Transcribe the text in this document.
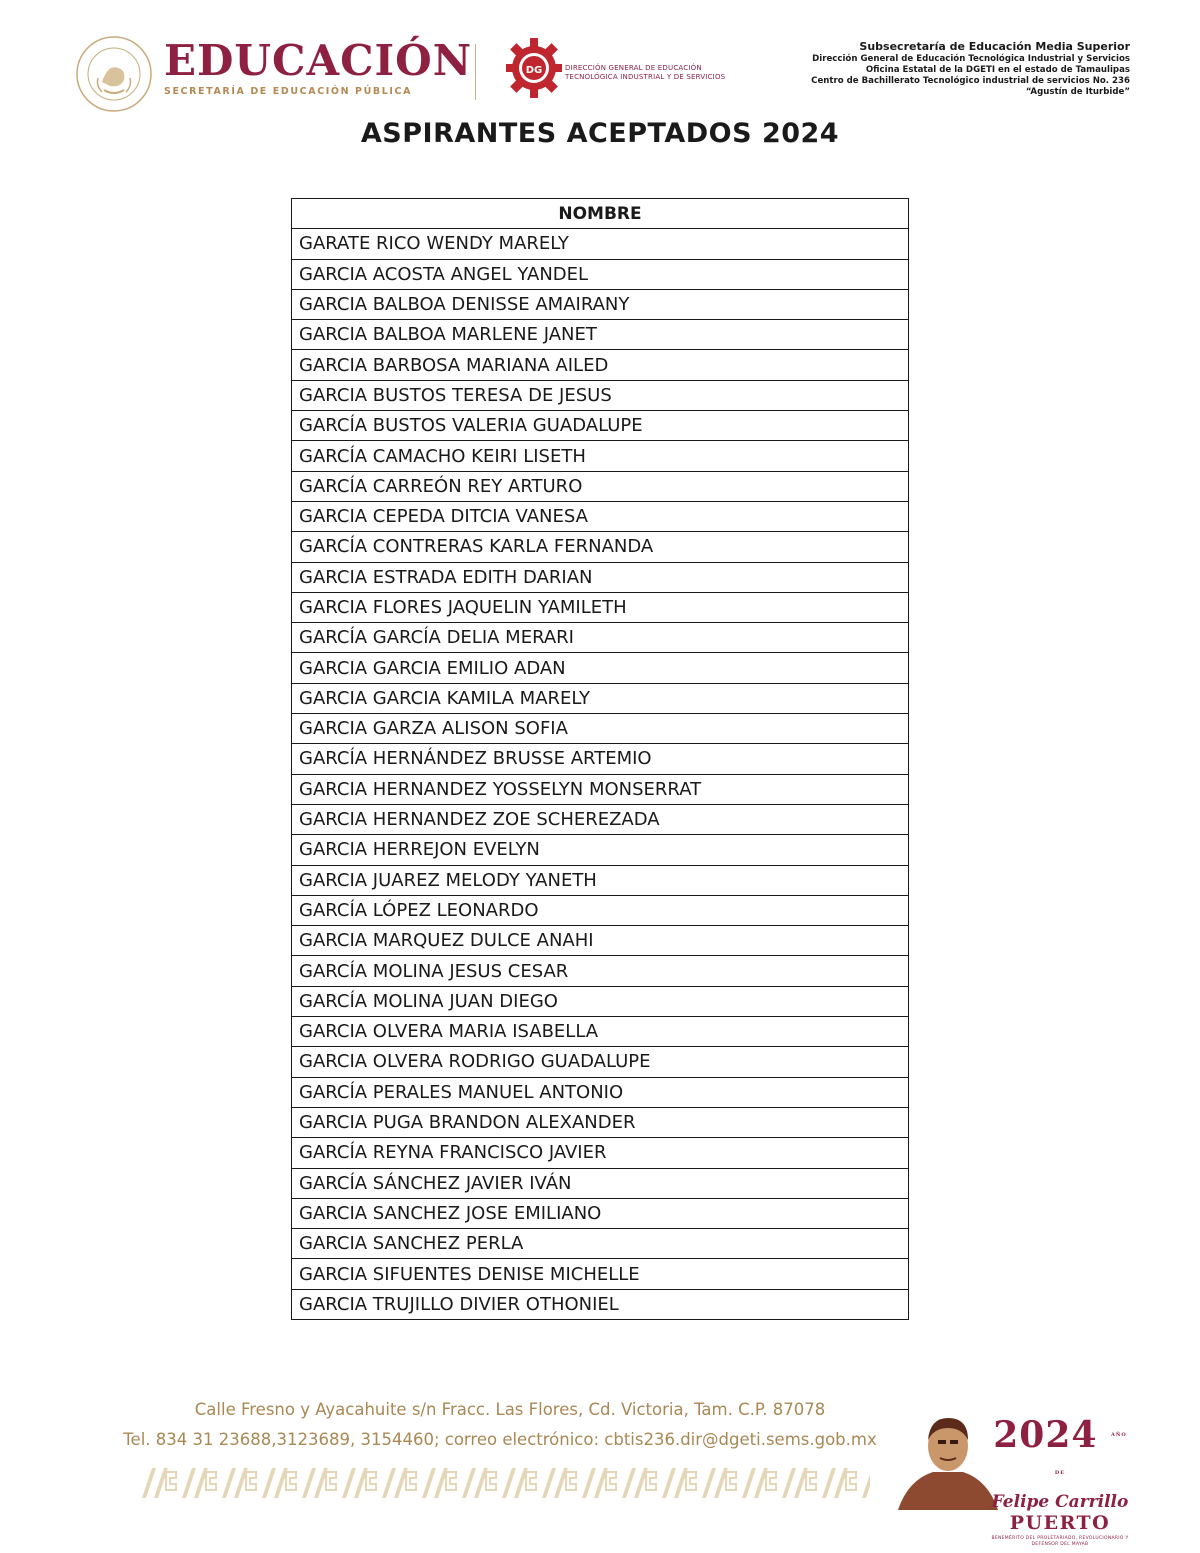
EDUCACIÓN
SECRETARÍA DE EDUCACIÓN PÚBLICA
DG	DIRECCIÓN GENERAL DE EDUCACIÓN
TECNOLÓGICA INDUSTRIAL Y DE SERVICIOS
Subsecretaría de Educación Media Superior
Dirección General de Educación Tecnológica Industrial y Servicios
Oficina Estatal de la DGETI en el estado de Tamaulipas
Centro de Bachillerato Tecnológico industrial de servicios No. 236
“Agustín de Iturbide”
ASPIRANTES ACEPTADOS 2024
NOMBRE
GARATE RICO WENDY MARELY
GARCIA ACOSTA ANGEL YANDEL
GARCIA BALBOA DENISSE AMAIRANY
GARCIA BALBOA MARLENE JANET
GARCIA BARBOSA MARIANA AILED
GARCIA BUSTOS TERESA DE JESUS
GARCÍA BUSTOS VALERIA GUADALUPE
GARCÍA CAMACHO KEIRI LISETH
GARCÍA CARREÓN REY ARTURO
GARCIA CEPEDA DITCIA VANESA
GARCÍA CONTRERAS KARLA FERNANDA
GARCIA ESTRADA EDITH DARIAN
GARCIA FLORES JAQUELIN YAMILETH
GARCÍA GARCÍA DELIA MERARI
GARCIA GARCIA EMILIO ADAN
GARCIA GARCIA KAMILA MARELY
GARCIA GARZA ALISON SOFIA
GARCÍA HERNÁNDEZ BRUSSE ARTEMIO
GARCIA HERNANDEZ YOSSELYN MONSERRAT
GARCIA HERNANDEZ ZOE SCHEREZADA
GARCIA HERREJON EVELYN
GARCIA JUAREZ MELODY YANETH
GARCÍA LÓPEZ LEONARDO
GARCIA MARQUEZ DULCE ANAHI
GARCÍA MOLINA JESUS CESAR
GARCÍA MOLINA JUAN DIEGO
GARCIA OLVERA MARIA ISABELLA
GARCIA OLVERA RODRIGO GUADALUPE
GARCÍA PERALES MANUEL ANTONIO
GARCIA PUGA BRANDON ALEXANDER
GARCÍA REYNA FRANCISCO JAVIER
GARCÍA SÁNCHEZ JAVIER IVÁN
GARCIA SANCHEZ JOSE EMILIANO
GARCIA SANCHEZ PERLA
GARCIA SIFUENTES DENISE MICHELLE
GARCIA TRUJILLO DIVIER OTHONIEL
Calle Fresno y Ayacahuite s/n Fracc. Las Flores, Cd. Victoria, Tam. C.P. 87078
Tel. 834 31 23688,3123689, 3154460; correo electrónico: cbtis236.dir@dgeti.sems.gob.mx	2024	$^{AÑO DE}$
Felipe Carrillo
PUERTO
BENEMÉRITO DEL PROLETARIADO, REVOLUCIONARIO Y DEFENSOR DEL MAYAB
